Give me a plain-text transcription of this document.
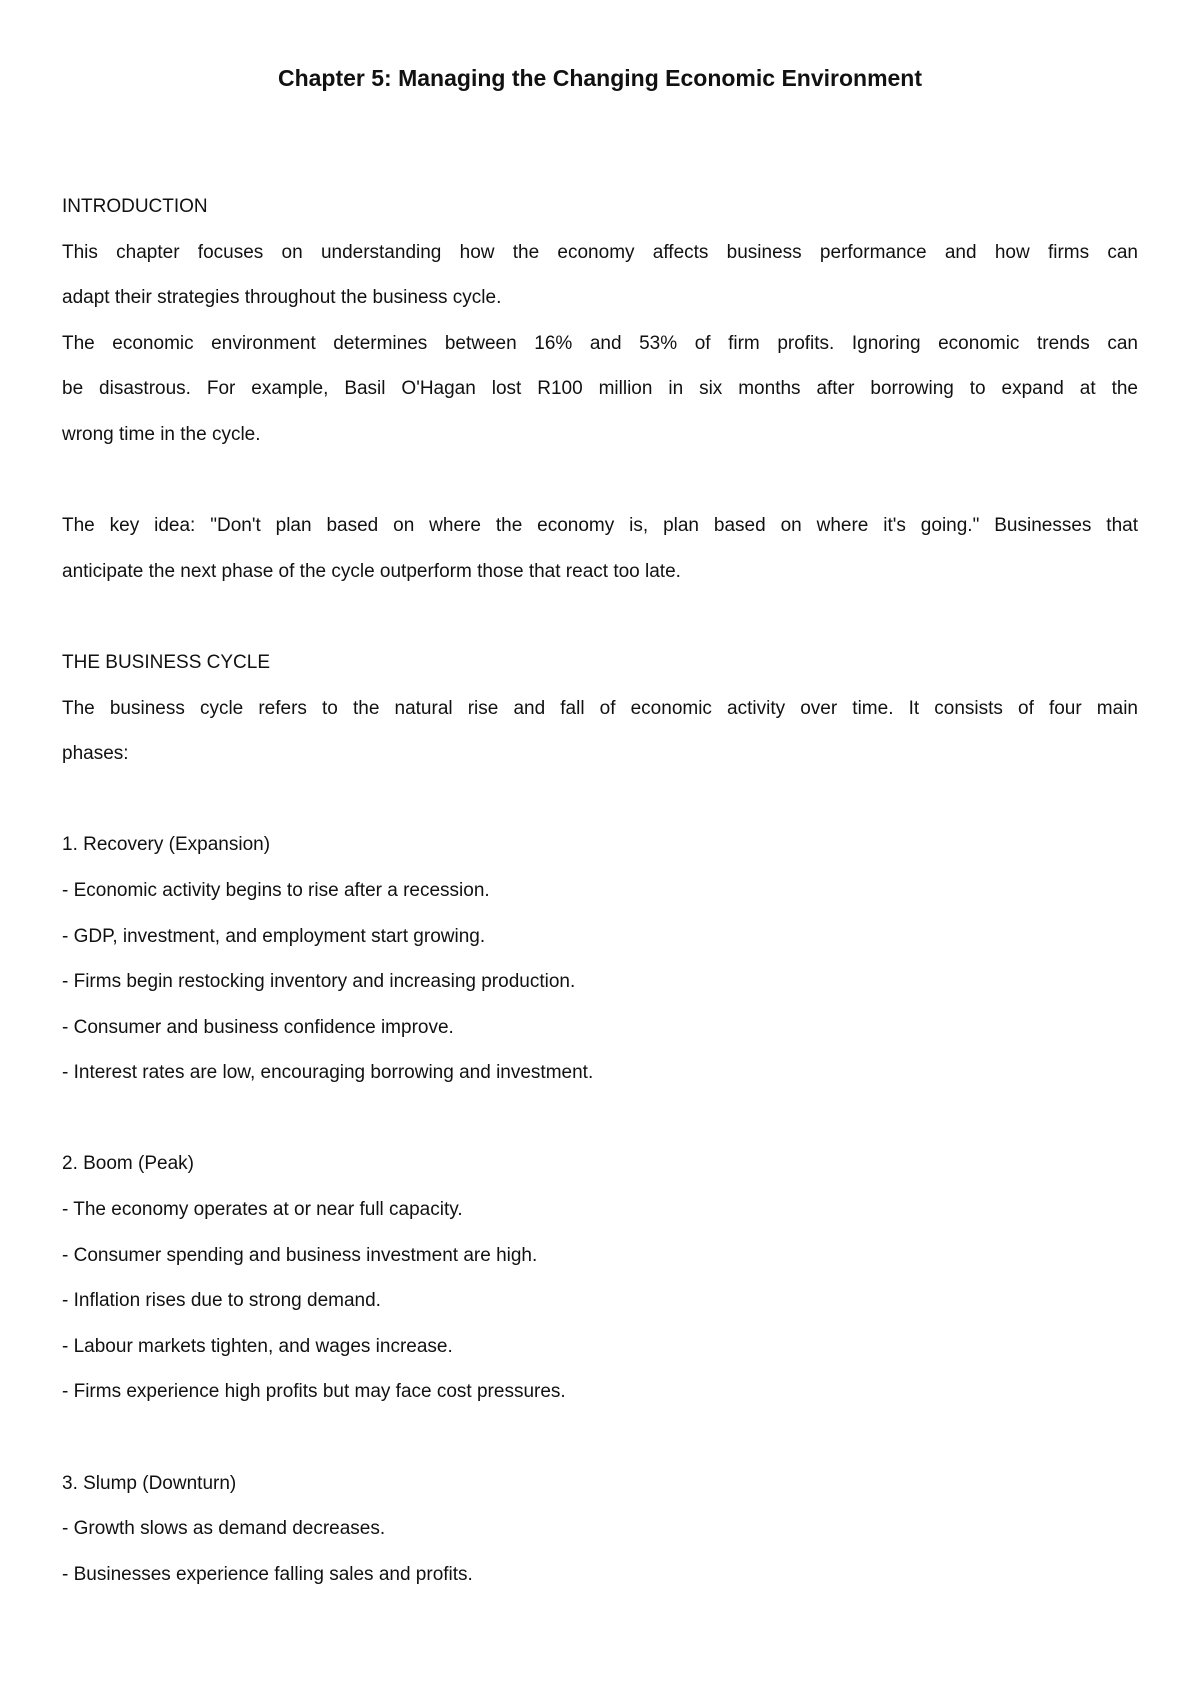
Chapter 5: Managing the Changing Economic Environment

INTRODUCTION

This chapter focuses on understanding how the economy affects business performance and how firms can

adapt their strategies throughout the business cycle.

The economic environment determines between 16% and 53% of firm profits. Ignoring economic trends can

be disastrous. For example, Basil O'Hagan lost R100 million in six months after borrowing to expand at the

wrong time in the cycle.

The key idea: "Don't plan based on where the economy is, plan based on where it's going." Businesses that

anticipate the next phase of the cycle outperform those that react too late.

THE BUSINESS CYCLE

The business cycle refers to the natural rise and fall of economic activity over time. It consists of four main

phases:

1. Recovery (Expansion)

- Economic activity begins to rise after a recession.

- GDP, investment, and employment start growing.

- Firms begin restocking inventory and increasing production.

- Consumer and business confidence improve.

- Interest rates are low, encouraging borrowing and investment.

2. Boom (Peak)

- The economy operates at or near full capacity.

- Consumer spending and business investment are high.

- Inflation rises due to strong demand.

- Labour markets tighten, and wages increase.

- Firms experience high profits but may face cost pressures.

3. Slump (Downturn)

- Growth slows as demand decreases.

- Businesses experience falling sales and profits.
